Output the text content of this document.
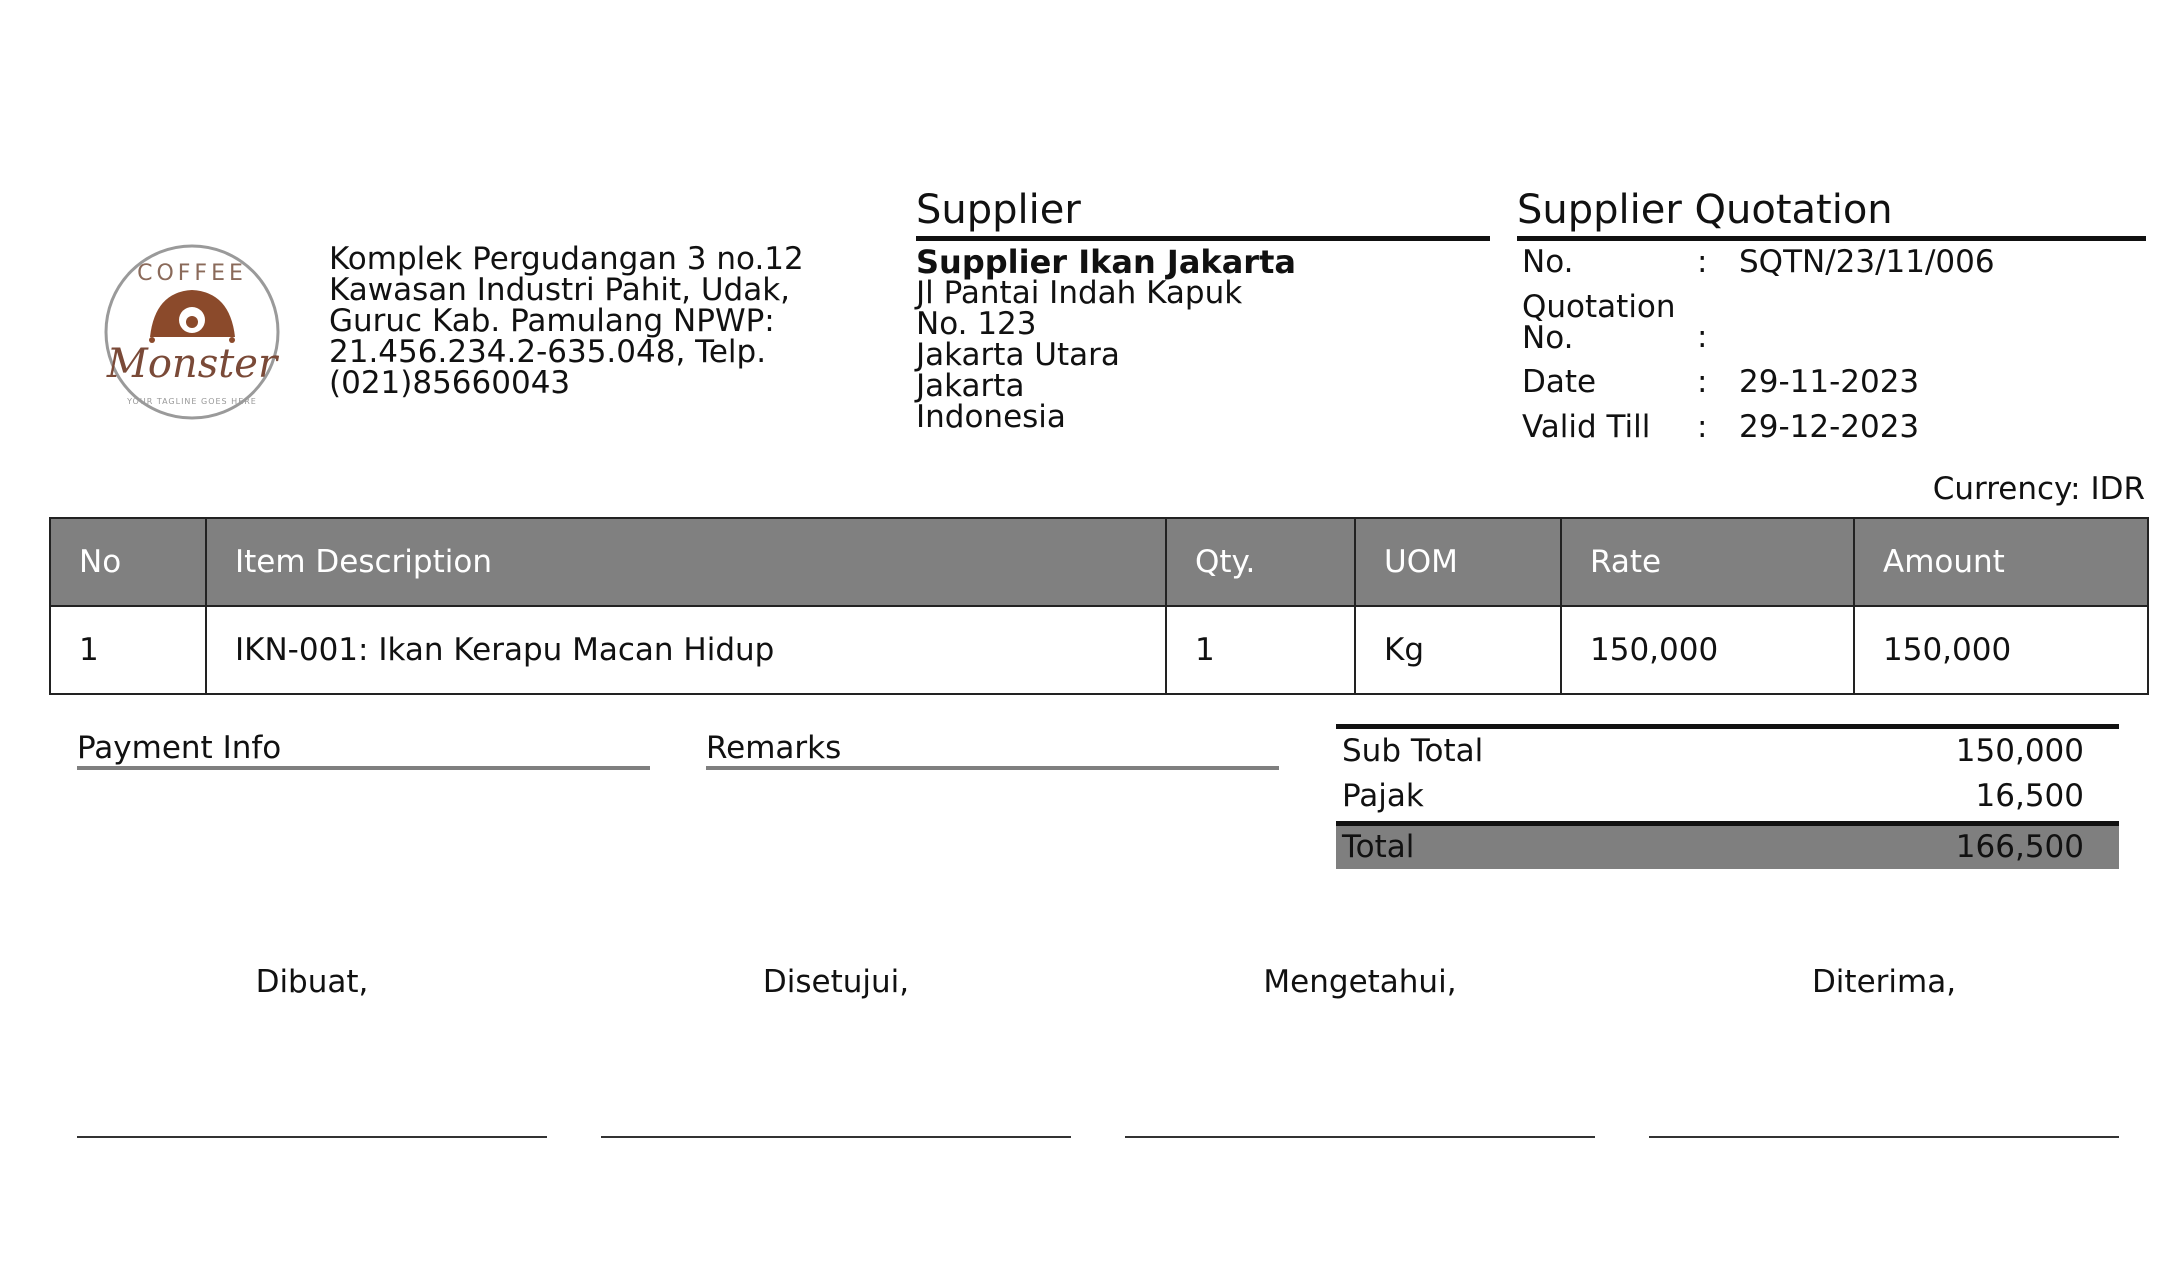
COFFEE
Monster
YOUR TAGLINE GOES HERE
Komplek Pergudangan 3 no.12
Kawasan Industri Pahit, Udak,
Guruc Kab. Pamulang NPWP:
21.456.234.2-635.048, Telp.
(021)85660043
Supplier
Supplier Ikan Jakarta
Jl Pantai Indah Kapuk
No. 123
Jakarta Utara
Jakarta
Indonesia
Supplier Quotation
No.	: SQTN/23/11/006
Quotation No.	:
Date	: 29-11-2023
Valid Till	: 29-12-2023
Currency: IDR
No	Item Description	Qty.	UOM	Rate	Amount
1	IKN-001: Ikan Kerapu Macan Hidup	1	Kg	150,000	150,000
Payment Info	Remarks	Sub Total	150,000
Pajak	16,500
Total	166,500
Dibuat,	Disetujui,	Mengetahui,	Diterima,
